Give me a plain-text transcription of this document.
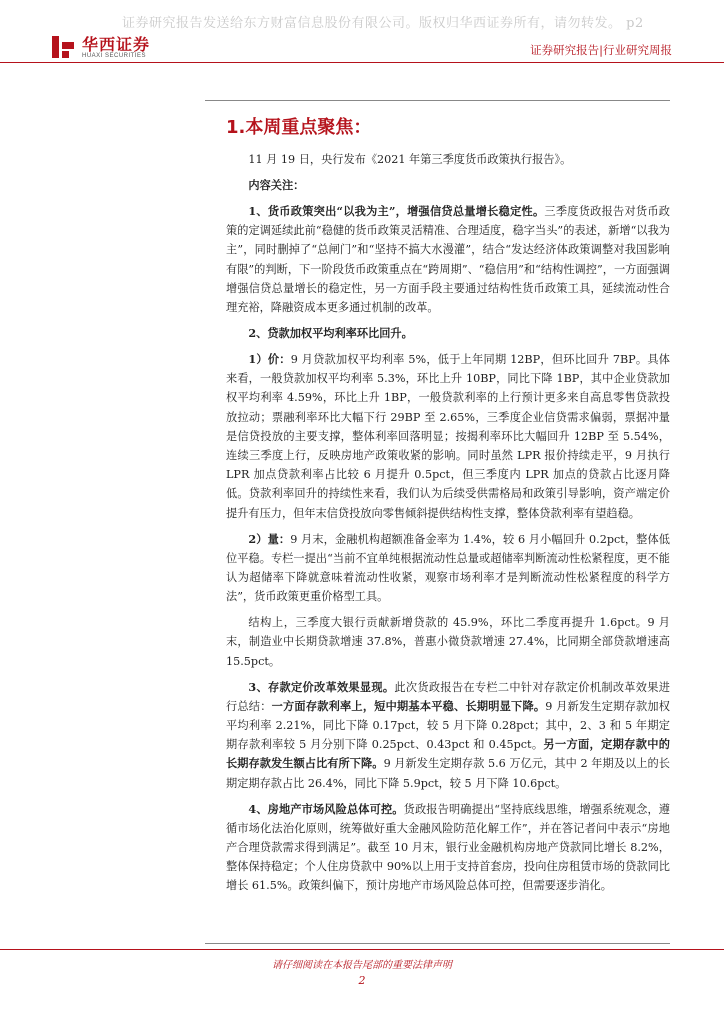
证券研究报告发送给东方财富信息股份有限公司。版权归华西证券所有，请勿转发。 p2
华西证券
HUAXI SECURITIES	证券研究报告|行业研究周报
1.本周重点聚焦：

11 月 19 日，央行发布《2021 年第三季度货币政策执行报告》。

内容关注：

1、货币政策突出“以我为主”，增强信贷总量增长稳定性。三季度货政报告对货币政策的定调延续此前“稳健的货币政策灵活精准、合理适度，稳字当头”的表述，新增“以我为主”，同时删掉了“总闸门”和“坚持不搞大水漫灌”，结合“发达经济体政策调整对我国影响有限”的判断，下一阶段货币政策重点在“跨周期”、“稳信用”和“结构性调控”，一方面强调增强信贷总量增长的稳定性，另一方面手段主要通过结构性货币政策工具，延续流动性合理充裕，降融资成本更多通过机制的改革。

2、贷款加权平均利率环比回升。

1）价：9 月贷款加权平均利率 5%，低于上年同期 12BP，但环比回升 7BP。具体来看，一般贷款加权平均利率 5.3%，环比上升 10BP，同比下降 1BP，其中企业贷款加权平均利率 4.59%，环比上升 1BP，一般贷款利率的上行预计更多来自高息零售贷款投放拉动；票融利率环比大幅下行 29BP 至 2.65%，三季度企业信贷需求偏弱，票据冲量是信贷投放的主要支撑，整体利率回落明显；按揭利率环比大幅回升 12BP 至 5.54%，连续三季度上行，反映房地产政策收紧的影响。同时虽然 LPR 报价持续走平，9 月执行 LPR 加点贷款利率占比较 6 月提升 0.5pct，但三季度内 LPR 加点的贷款占比逐月降低。贷款利率回升的持续性来看，我们认为后续受供需格局和政策引导影响，资产端定价提升有压力，但年末信贷投放向零售倾斜提供结构性支撑，整体贷款利率有望趋稳。

2）量：9 月末，金融机构超额准备金率为 1.4%，较 6 月小幅回升 0.2pct，整体低位平稳。专栏一提出“当前不宜单纯根据流动性总量或超储率判断流动性松紧程度，更不能认为超储率下降就意味着流动性收紧，观察市场利率才是判断流动性松紧程度的科学方法”，货币政策更重价格型工具。

结构上，三季度大银行贡献新增贷款的 45.9%，环比二季度再提升 1.6pct。9 月末，制造业中长期贷款增速 37.8%，普惠小微贷款增速 27.4%，比同期全部贷款增速高 15.5pct。

3、存款定价改革效果显现。此次货政报告在专栏二中针对存款定价机制改革效果进行总结：一方面存款利率上，短中期基本平稳、长期明显下降。9 月新发生定期存款加权平均利率 2.21%，同比下降 0.17pct，较 5 月下降 0.28pct；其中，2、3 和 5 年期定期存款利率较 5 月分别下降 0.25pct、0.43pct 和 0.45pct。另一方面，定期存款中的长期存款发生额占比有所下降。9 月新发生定期存款 5.6 万亿元，其中 2 年期及以上的长期定期存款占比 26.4%，同比下降 5.9pct，较 5 月下降 10.6pct。

4、房地产市场风险总体可控。货政报告明确提出“坚持底线思维，增强系统观念，遵循市场化法治化原则，统筹做好重大金融风险防范化解工作”，并在答记者问中表示“房地产合理贷款需求得到满足”。截至 10 月末，银行业金融机构房地产贷款同比增长 8.2%，整体保持稳定；个人住房贷款中 90%以上用于支持首套房，投向住房租赁市场的贷款同比增长 61.5%。政策纠偏下，预计房地产市场风险总体可控，但需要逐步消化。

请仔细阅读在本报告尾部的重要法律声明
2
